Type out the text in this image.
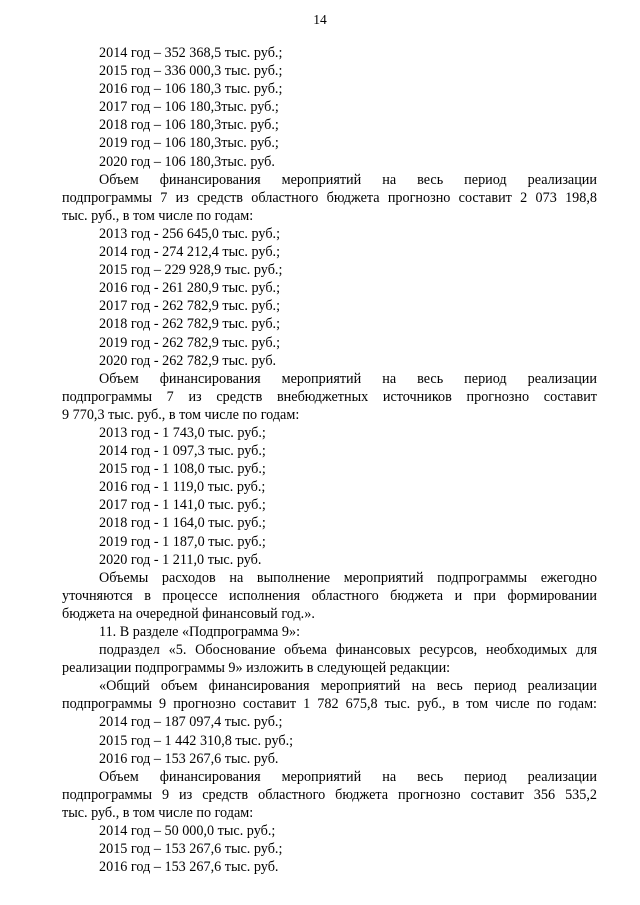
14
2014 год – 352 368,5 тыс. руб.;
2015 год – 336 000,3 тыс. руб.;
2016 год – 106 180,3 тыс. руб.;
2017 год – 106 180,3тыс. руб.;
2018 год – 106 180,3тыс. руб.;
2019 год – 106 180,3тыс. руб.;
2020 год – 106 180,3тыс. руб.
Объем финансирования мероприятий на весь период реализации
подпрограммы 7 из средств областного бюджета прогнозно составит 2 073 198,8
тыс. руб., в том числе по годам:
2013 год - 256 645,0 тыс. руб.;
2014 год - 274 212,4 тыс. руб.;
2015 год – 229 928,9 тыс. руб.;
2016 год - 261 280,9 тыс. руб.;
2017 год - 262 782,9 тыс. руб.;
2018 год - 262 782,9 тыс. руб.;
2019 год - 262 782,9 тыс. руб.;
2020 год - 262 782,9 тыс. руб.
Объем финансирования мероприятий на весь период реализации
подпрограммы 7 из средств внебюджетных источников прогнозно составит
9 770,3 тыс. руб., в том числе по годам:
2013 год - 1 743,0 тыс. руб.;
2014 год - 1 097,3 тыс. руб.;
2015 год - 1 108,0 тыс. руб.;
2016 год - 1 119,0 тыс. руб.;
2017 год - 1 141,0 тыс. руб.;
2018 год - 1 164,0 тыс. руб.;
2019 год - 1 187,0 тыс. руб.;
2020 год - 1 211,0 тыс. руб.
Объемы расходов на выполнение мероприятий подпрограммы ежегодно
уточняются в процессе исполнения областного бюджета и при формировании
бюджета на очередной финансовый год.».
11. В разделе «Подпрограмма 9»:
подраздел «5. Обоснование объема финансовых ресурсов, необходимых для
реализации подпрограммы 9» изложить в следующей редакции:
«Общий объем финансирования мероприятий на весь период реализации
подпрограммы 9 прогнозно составит 1 782 675,8 тыс. руб., в том числе по годам:
2014 год – 187 097,4 тыс. руб.;
2015 год – 1 442 310,8 тыс. руб.;
2016 год – 153 267,6 тыс. руб.
Объем финансирования мероприятий на весь период реализации
подпрограммы 9 из средств областного бюджета прогнозно составит 356 535,2
тыс. руб., в том числе по годам:
2014 год – 50 000,0 тыс. руб.;
2015 год – 153 267,6 тыс. руб.;
2016 год – 153 267,6 тыс. руб.
